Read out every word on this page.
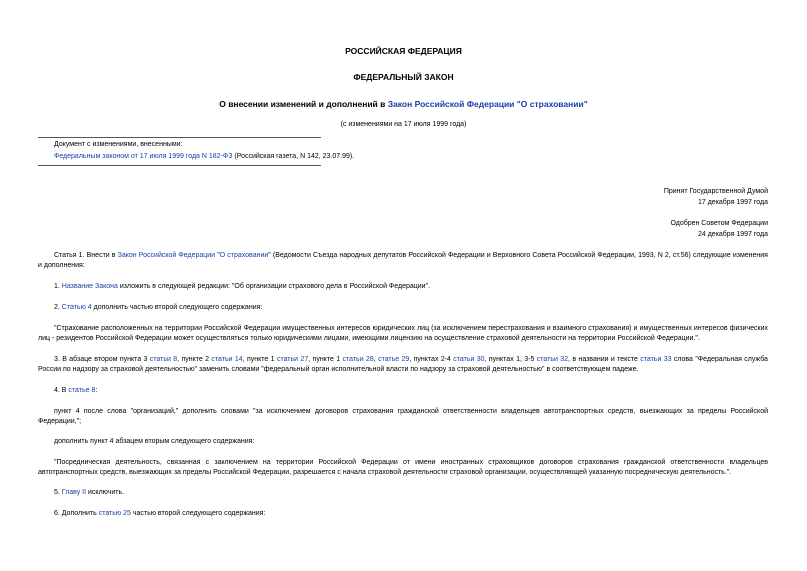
РОССИЙСКАЯ ФЕДЕРАЦИЯ
ФЕДЕРАЛЬНЫЙ ЗАКОН
О внесении изменений и дополнений в Закон Российской Федерации "О страховании"
(с изменениями на 17 июля 1999 года)
Документ с изменениями, внесенными:
Федеральным законом от 17 июля 1999 года N 182-ФЗ (Российская газета, N 142, 23.07.99).
Принят Государственной Думой
17 декабря 1997 года
Одобрен Советом Федерации
24 декабря 1997 года
Статья 1. Внести в Закон Российской Федерации "О страховании" (Ведомости Съезда народных депутатов Российской Федерации и Верховного Совета Российской Федерации, 1993, N 2, ст.56) следующие изменения и дополнения:
1. Название Закона изложить в следующей редакции: "Об организации страхового дела в Российской Федерации".
2. Статью 4 дополнить частью второй следующего содержания:
"Страхование расположенных на территории Российской Федерации имущественных интересов юридических лиц (за исключением перестрахования и взаимного страхования) и имущественных интересов физических лиц - резидентов Российской Федерации может осуществляться только юридическими лицами, имеющими лицензию на осуществление страховой деятельности на территории Российской Федерации.".
3. В абзаце втором пункта 3 статьи 8, пункте 2 статьи 14, пункте 1 статьи 27, пункте 1 статьи 28, статье 29, пунктах 2-4 статьи 30, пунктах 1, 3-5 статьи 32, в названии и тексте статьи 33 слова "Федеральная служба России по надзору за страховой деятельностью" заменить словами "федеральный орган исполнительной власти по надзору за страховой деятельностью" в соответствующем падеже.
4. В статье 8:
пункт 4 после слова "организаций," дополнить словами "за исключением договоров страхования гражданской ответственности владельцев автотранспортных средств, выезжающих за пределы Российской Федерации,";
дополнить пункт 4 абзацем вторым следующего содержания:
"Посредническая деятельность, связанная с заключением на территории Российской Федерации от имени иностранных страховщиков договоров страхования гражданской ответственности владельцев автотранспортных средств, выезжающих за пределы Российской Федерации, разрешается с начала страховой деятельности страховой организации, осуществляющей указанную посредническую деятельность.".
5. Главу II исключить.
6. Дополнить статью 25 частью второй следующего содержания:
